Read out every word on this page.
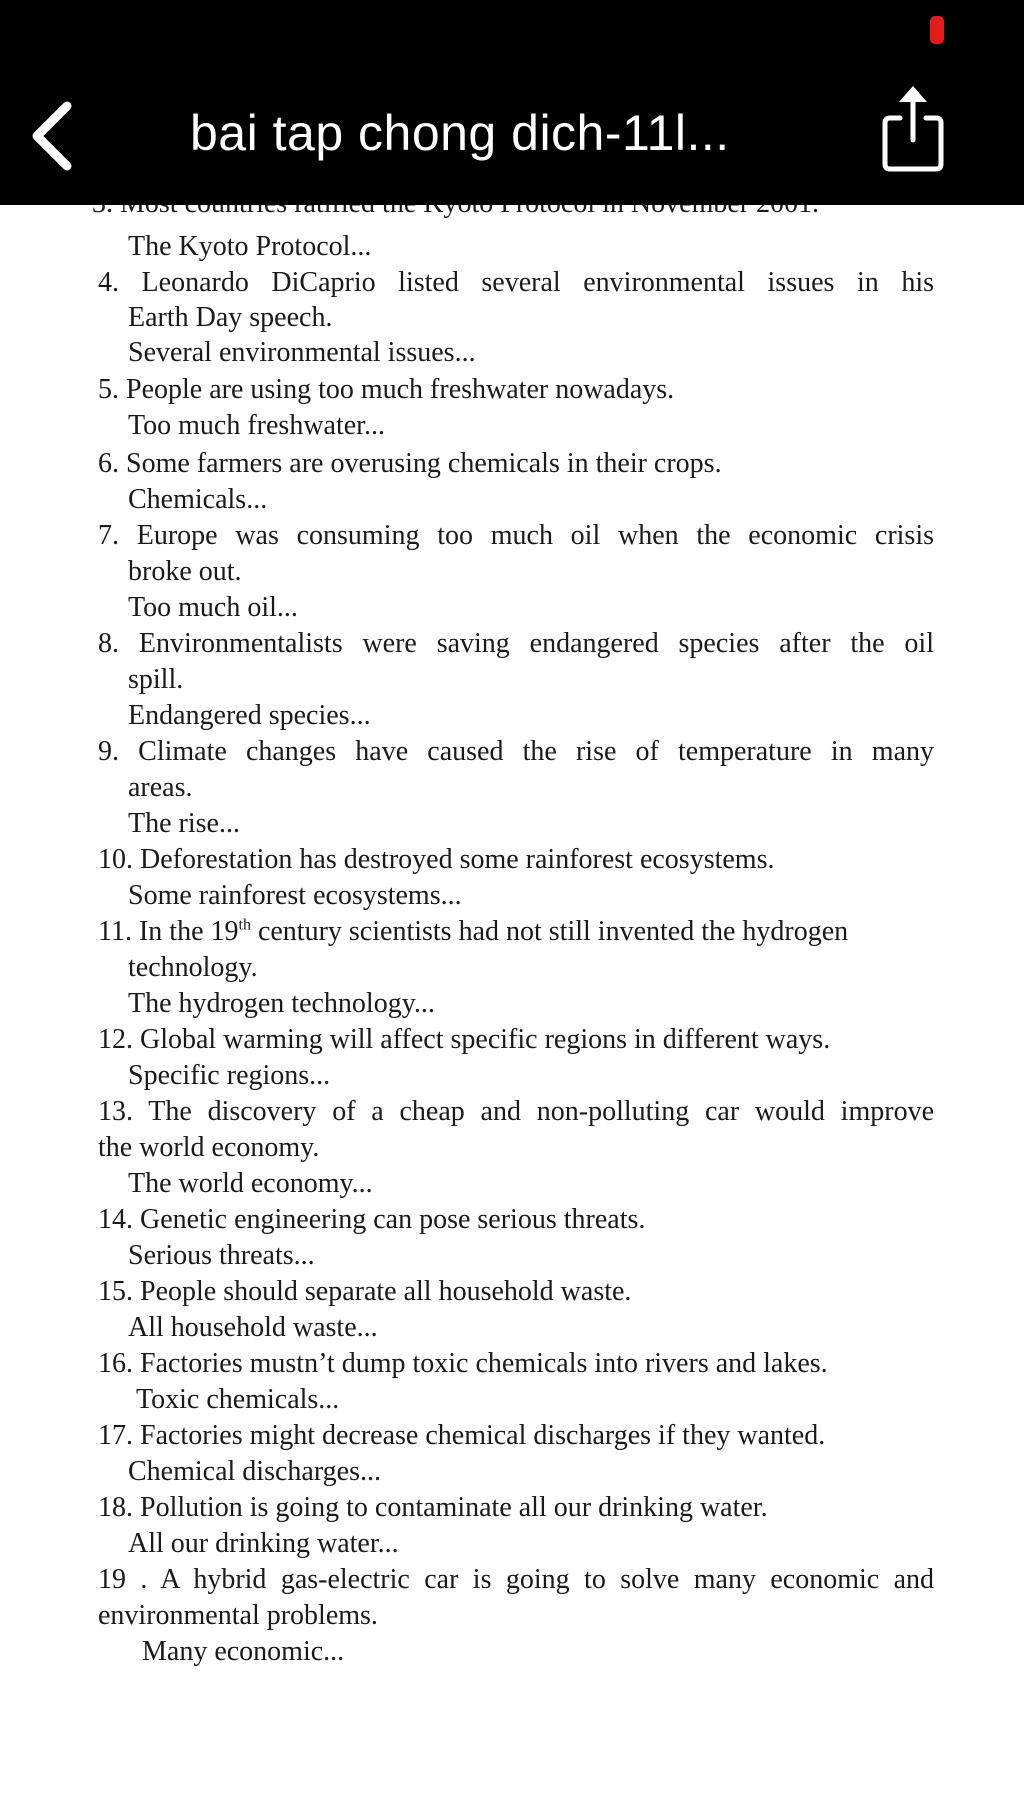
bai tap chong dich-11l...
The Kyoto Protocol...
4. Leonardo DiCaprio listed several environmental issues in his
Earth Day speech.
Several environmental issues...
5. People are using too much freshwater nowadays.
Too much freshwater...
6. Some farmers are overusing chemicals in their crops.
Chemicals...
7. Europe was consuming too much oil when the economic crisis
broke out.
Too much oil...
8. Environmentalists were saving endangered species after the oil
spill.
Endangered species...
9. Climate changes have caused the rise of temperature in many
areas.
The rise...
10. Deforestation has destroyed some rainforest ecosystems.
Some rainforest ecosystems...
11. In the 19th century scientists had not still invented the hydrogen
technology.
The hydrogen technology...
12. Global warming will affect specific regions in different ways.
Specific regions...
13. The discovery of a cheap and non-polluting car would improve
the world economy.
The world economy...
14. Genetic engineering can pose serious threats.
Serious threats...
15. People should separate all household waste.
All household waste...
16. Factories mustn’t dump toxic chemicals into rivers and lakes.
Toxic chemicals...
17. Factories might decrease chemical discharges if they wanted.
Chemical discharges...
18. Pollution is going to contaminate all our drinking water.
All our drinking water...
19 . A hybrid gas-electric car is going to solve many economic and
environmental problems.
Many economic...
